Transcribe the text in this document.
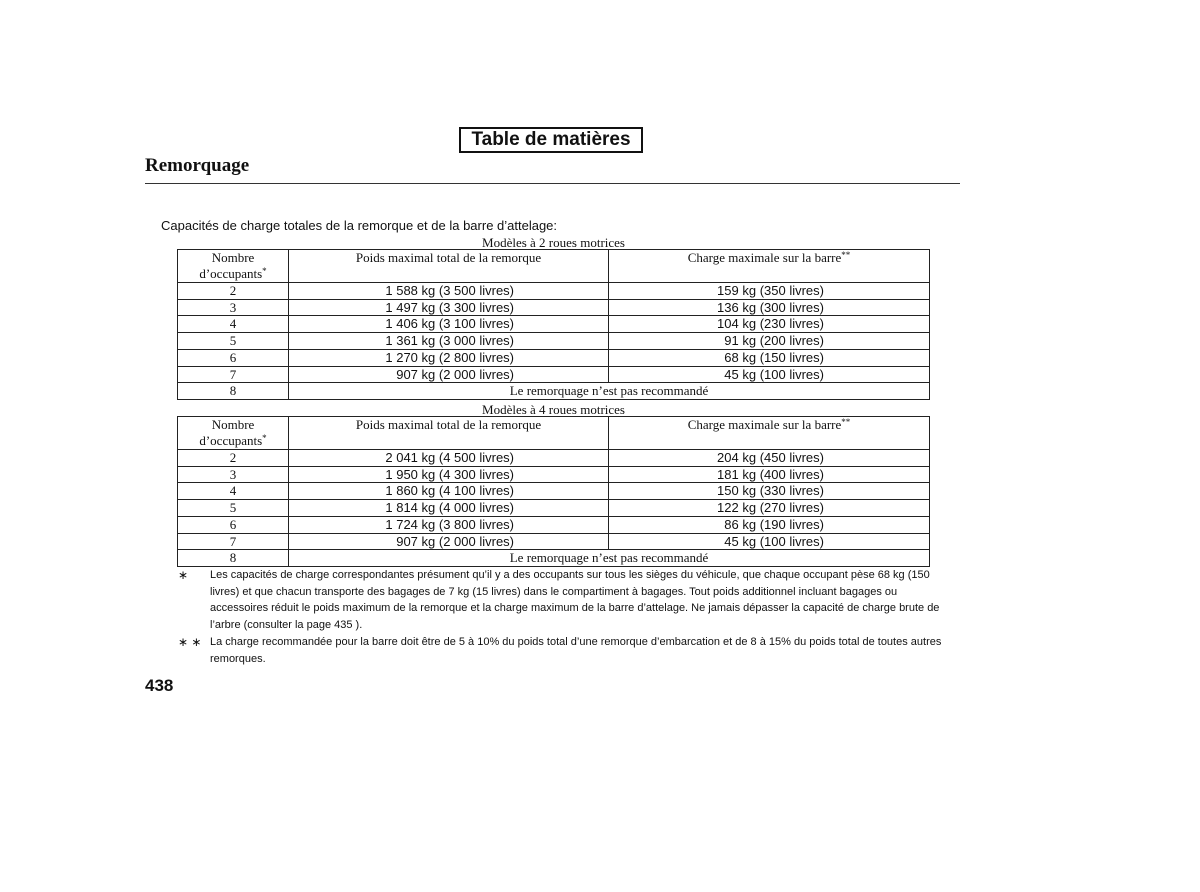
Table de matières
Remorquage
Capacités de charge totales de la remorque et de la barre d’attelage:
Modèles à 2 roues motrices
Nombre d’occupants*	Poids maximal total de la remorque	Charge maximale sur la barre**
2	1 588 kg (3 500 livres)	159 kg (350 livres)
3	1 497 kg (3 300 livres)	136 kg (300 livres)
4	1 406 kg (3 100 livres)	104 kg (230 livres)
5	1 361 kg (3 000 livres)	91 kg (200 livres)
6	1 270 kg (2 800 livres)	68 kg (150 livres)
7	907 kg (2 000 livres)	45 kg (100 livres)
8	Le remorquage n’est pas recommandé	
Modèles à 4 roues motrices
Nombre d’occupants*	Poids maximal total de la remorque	Charge maximale sur la barre**
2	2 041 kg (4 500 livres)	204 kg (450 livres)
3	1 950 kg (4 300 livres)	181 kg (400 livres)
4	1 860 kg (4 100 livres)	150 kg (330 livres)
5	1 814 kg (4 000 livres)	122 kg (270 livres)
6	1 724 kg (3 800 livres)	86 kg (190 livres)
7	907 kg (2 000 livres)	45 kg (100 livres)
8	Le remorquage n’est pas recommandé	
∗ Les capacités de charge correspondantes présument qu’il y a des occupants sur tous les sièges du véhicule, que chaque occupant pèse 68 kg (150 livres) et que chacun transporte des bagages de 7 kg (15 livres) dans le compartiment à bagages. Tout poids additionnel incluant bagages ou accessoires réduit le poids maximum de la remorque et la charge maximum de la barre d’attelage. Ne jamais dépasser la capacité de charge brute de l’arbre (consulter la page 435 ).
∗ ∗ La charge recommandée pour la barre doit être de 5 à 10% du poids total d’une remorque d’embarcation et de 8 à 15% du poids total de toutes autres remorques.
438
